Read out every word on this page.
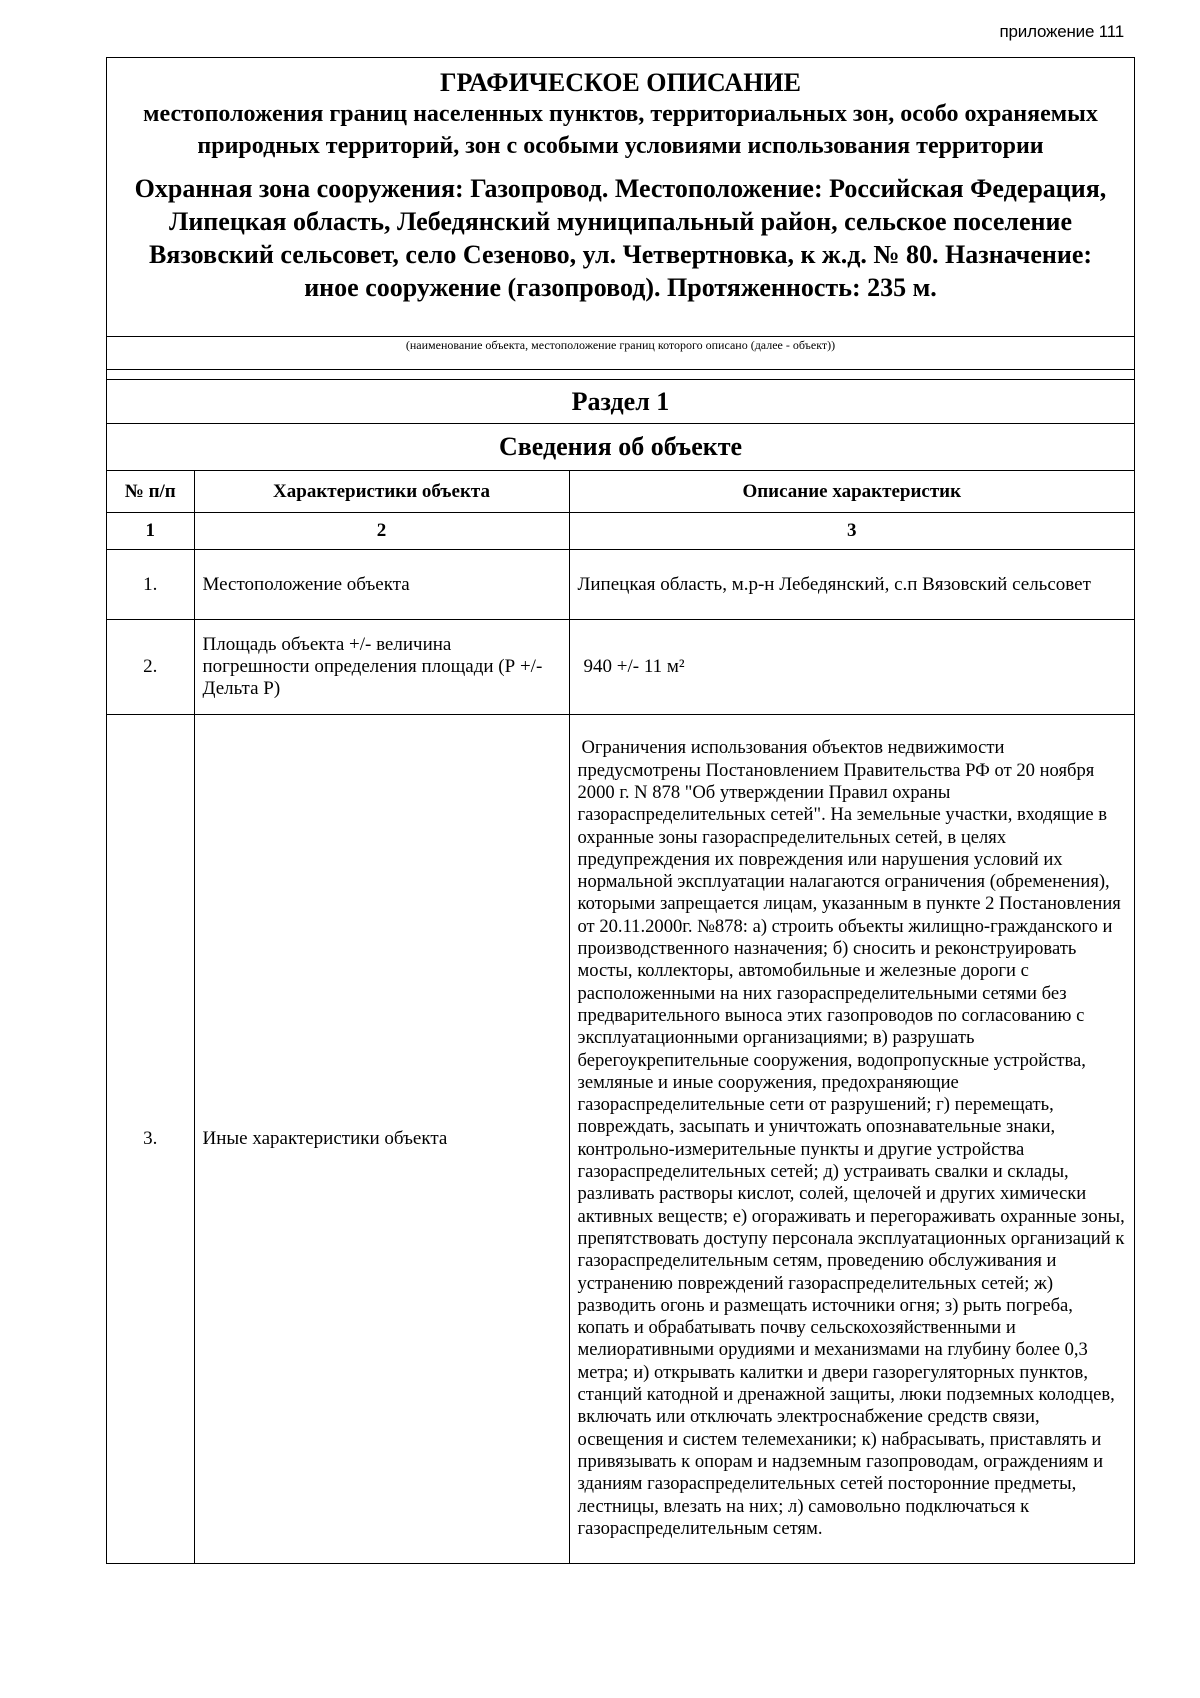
приложение 111
ГРАФИЧЕСКОЕ ОПИСАНИЕ
местоположения границ населенных пунктов, территориальных зон, особо охраняемых природных территорий, зон с особыми условиями использования территории
Охранная зона сооружения: Газопровод. Местоположение: Российская Федерация, Липецкая область, Лебедянский муниципальный район, сельское поселение Вязовский сельсовет, село Сезеново, ул. Четвертновка, к ж.д. № 80. Назначение: иное сооружение (газопровод). Протяженность: 235 м.
(наименование объекта, местоположение границ которого описано (далее - объект))
Раздел 1
Сведения об объекте
№ п/п	Характеристики объекта	Описание характеристик
1	2	3
1.	Местоположение объекта	Липецкая область, м.р-н Лебедянский, с.п Вязовский сельсовет
2.	Площадь объекта +/- величина погрешности определения площади (Р +/- Дельта Р)	940 +/- 11 м²
3.	Иные характеристики объекта	Ограничения использования объектов недвижимости предусмотрены Постановлением Правительства РФ от 20 ноября 2000 г. N 878 "Об утверждении Правил охраны газораспределительных сетей". На земельные участки, входящие в охранные зоны газораспределительных сетей, в целях предупреждения их повреждения или нарушения условий их нормальной эксплуатации налагаются ограничения (обременения), которыми запрещается лицам, указанным в пункте 2 Постановления от 20.11.2000г. №878: а) строить объекты жилищно-гражданского и производственного назначения; б) сносить и реконструировать мосты, коллекторы, автомобильные и железные дороги с расположенными на них газораспределительными сетями без предварительного выноса этих газопроводов по согласованию с эксплуатационными организациями; в) разрушать берегоукрепительные сооружения, водопропускные устройства, земляные и иные сооружения, предохраняющие газораспределительные сети от разрушений; г) перемещать, повреждать, засыпать и уничтожать опознавательные знаки, контрольно-измерительные пункты и другие устройства газораспределительных сетей; д) устраивать свалки и склады, разливать растворы кислот, солей, щелочей и других химически активных веществ; е) огораживать и перегораживать охранные зоны, препятствовать доступу персонала эксплуатационных организаций к газораспределительным сетям, проведению обслуживания и устранению повреждений газораспределительных сетей; ж) разводить огонь и размещать источники огня; з) рыть погреба, копать и обрабатывать почву сельскохозяйственными и мелиоративными орудиями и механизмами на глубину более 0,3 метра; и) открывать калитки и двери газорегуляторных пунктов, станций катодной и дренажной защиты, люки подземных колодцев, включать или отключать электроснабжение средств связи, освещения и систем телемеханики; к) набрасывать, приставлять и привязывать к опорам и надземным газопроводам, ограждениям и зданиям газораспределительных сетей посторонние предметы, лестницы, влезать на них; л) самовольно подключаться к газораспределительным сетям.
